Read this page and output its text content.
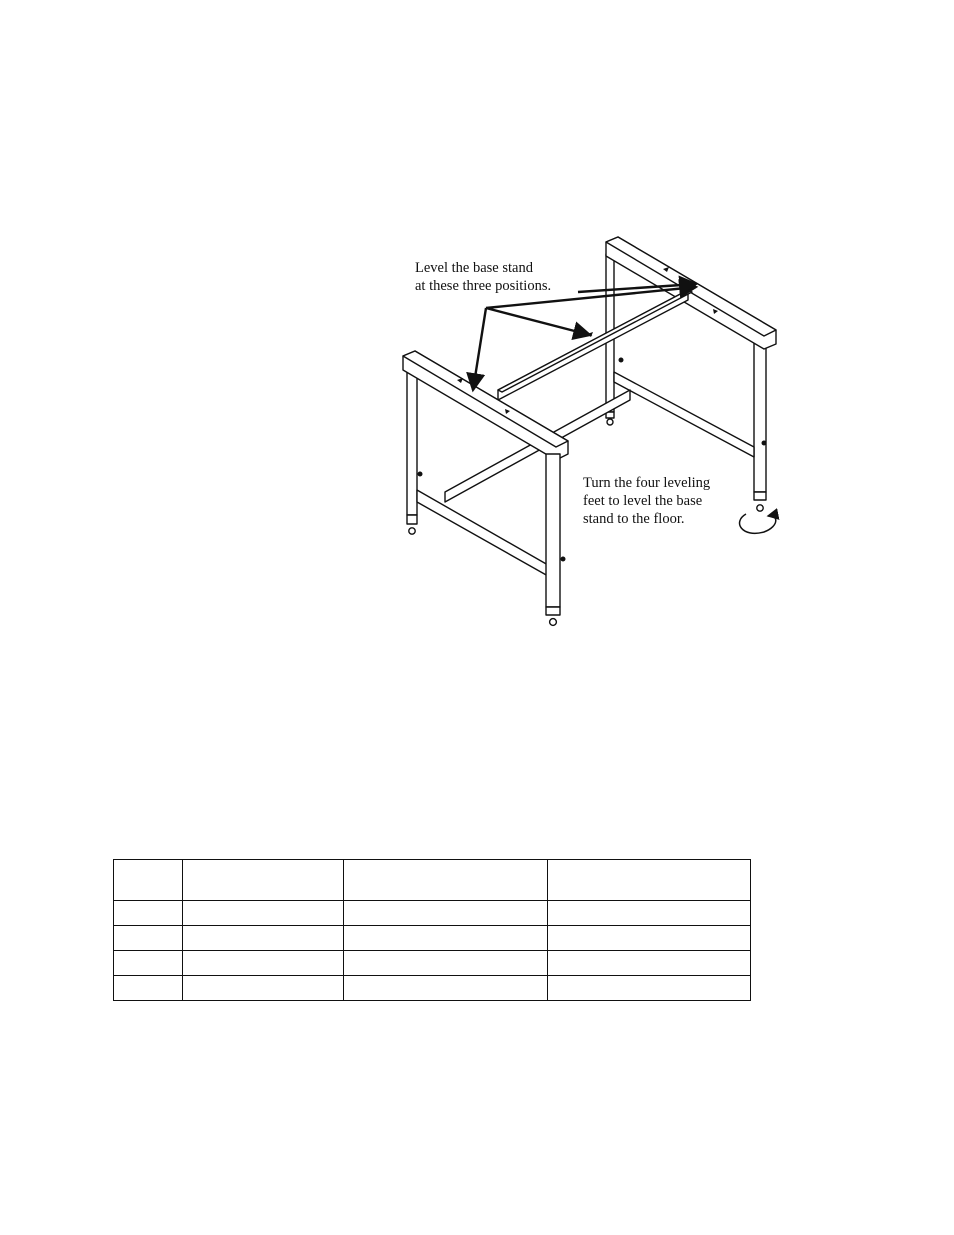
Level the base stand
at these three positions.
Turn the four leveling
feet to level the base
stand to the floor.
